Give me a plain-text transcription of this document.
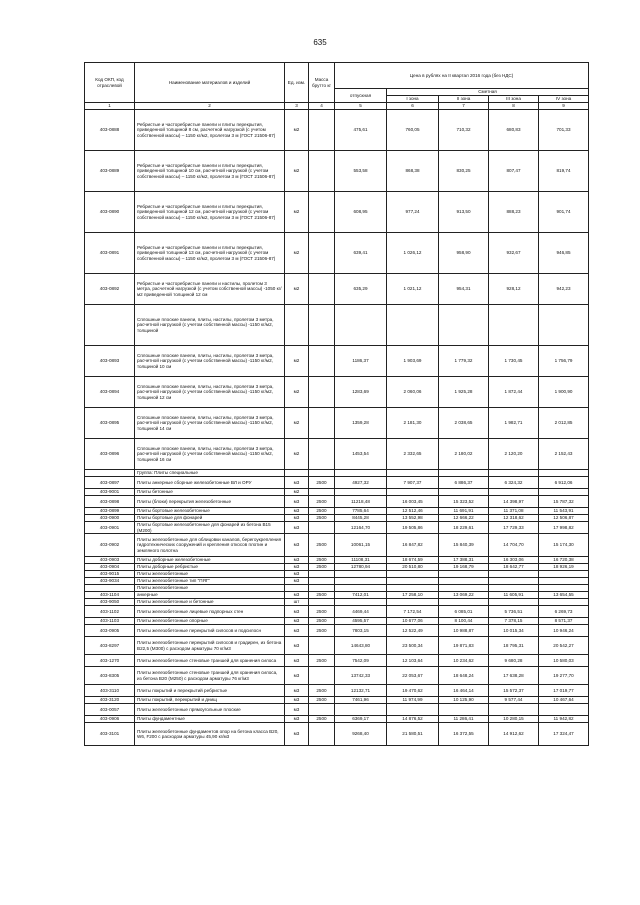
635
Код ОКП, код отраслевой	Наименование материалов и изделий	Ед. изм.	Масса брутто кг	Цена в рублях на II квартал 2016 года (без НДС)				
				отпускная	Сметная			
					I зона	II зона	III зона	IV зона
1	2	3	4	5	6	7	8	9
403-0888	Ребристые и часторебристые панели и плиты перекрытия, приведенной толщиной 8 см, расчетной нагрузкой (с учетом собственной массы) – 1150 кг/м2, пролетом 3 м (ГОСТ 21506-87)	м2		475,61	760,05	710,32	680,83	701,33
403-0889	Ребристые и часторебристые панели и плиты перекрытия, приведенной толщиной 10 см, расчетной нагрузкой (с учетом собственной массы) – 1150 кг/м2, пролетом 3 м (ГОСТ 21506-87)	м2		553,58	868,38	830,25	807,47	819,74
403-0890	Ребристые и часторебристые панели и плиты перекрытия, приведенной толщиной 12 см, расчетной нагрузкой (с учетом собственной массы) – 1150 кг/м2, пролетом 3 м (ГОСТ 21506-87)	м2		608,95	977,24	913,50	888,23	901,74
403-0891	Ребристые и часторебристые панели и плиты перекрытия, приведенной толщиной 13 см, расчетной нагрузкой (с учетом собственной массы) – 1150 кг/м2, пролетом 3 м (ГОСТ 21506-87)	м2		639,41	1 026,12	958,90	932,67	946,85
403-0892	Ребристые и часторебристые панели и настилы, пролетом 3 метра, расчетной нагрузкой (с учетом собственной массы) -1050 кг/м2 приведенной толщиной 12 см	м2		635,29	1 021,12	954,31	928,12	942,23
	Сплошные плоские панели, плиты, настилы, пролетом 3 метра, расчетной нагрузкой (с учетом собственной массы) -1150 кг/м2, толщиной							
403-0893	Сплошные плоские панели, плиты, настилы, пролетом 3 метра, расчетной нагрузкой (с учетом собственной массы) -1150 кг/м2, толщиной 10 см	м2		1186,37	1 903,69	1 779,32	1 730,45	1 756,79
403-0894	Сплошные плоские панели, плиты, настилы, пролетом 3 метра, расчетной нагрузкой (с учетом собственной массы) -1150 кг/м2, толщиной 12 см	м2		1283,69	2 060,06	1 925,28	1 872,44	1 900,90
403-0895	Сплошные плоские панели, плиты, настилы, пролетом 3 метра, расчетной нагрузкой (с учетом собственной массы) -1150 кг/м2, толщиной 14 см	м2		1359,28	2 181,30	2 038,65	1 982,71	2 012,85
403-0896	Сплошные плоские панели, плиты, настилы, пролетом 3 метра, расчетной нагрузкой (с учетом собственной массы) -1150 кг/м2, толщиной 16 см	м2		1453,54	2 332,65	2 180,02	2 120,20	2 152,43
	Группа: Плиты специальные							
403-0897	Плиты анкерные сборные железобетонные ВЛ и ОРУ	м3	2500	4927,32	7 907,37	6 886,37	6 324,32	6 912,06
403-9001	Плиты бетонные	м2						
403-0898	Плиты (блоки) перекрытия железобетонные	м3	2500	11218,48	16 003,45	15 323,52	14 398,97	15 787,32
403-0899	Плиты бортовые железобетонные	м3	2500	7785,64	12 512,46	11 691,91	11 371,08	11 543,91
403-0900	Плиты бортовые для фонарей	м3	2500	8445,28	13 552,98	12 666,22	12 318,62	12 506,87
403-0901	Плиты бортовые железобетонные для фонарей из бетона В15 (М200)	м3		12164,70	19 505,86	18 229,61	17 729,33	17 998,82
403-0902	Плиты железобетонные для облицовки каналов, берегоукрепления гидротехнических сооружений и крепления откосов плотин и земляного полотна	м3	2500	10061,15	16 847,82	15 840,39	14 704,70	15 174,30
403-0903	Плиты доборные железобетонные	м3	2500	11108,31	18 674,59	17 388,31	16 303,06	16 720,38
403-0904	Плиты доборные ребристые	м3	2500	12780,94	20 510,80	19 168,79	18 642,77	18 926,19
403-9015	Плиты железобетонные	м3						
403-9034	Плиты железобетонные тип "ПЯГ"	м3						
	Плиты железобетонные							
403-1104	анкерные	м3	2500	7412,01	17 258,10	13 069,22	11 605,91	13 654,55
403-9050	Плиты железобетонные и бетонные	шт						
403-1102	Плиты железобетонные лицевые подпорных стен	м3	2500	4469,44	7 172,54	6 085,01	5 736,51	6 269,73
403-1103	Плиты железобетонные опорные	м3	2500	4595,57	10 677,06	8 100,44	7 378,15	8 571,37
403-0905	Плиты железобетонные перекрытий силосов и подсилосн	м3	2500	7803,15	12 522,49	10 988,87	10 015,34	10 946,24
403-8297	Плиты железобетонные перекрытий силосов и градирен, из бетона В22,5 (М300) с расходом арматуры 70 кг/м3	м3		14643,80	23 500,34	19 871,83	18 795,31	20 542,27
403-1270	Плиты железобетонные стеновые траншей для хранения силоса	м3	2500	7542,09	12 103,64	10 234,62	9 680,28	10 580,03
403-8305	Плиты железобетонные стеновые траншей для хранения силоса, из бетона В20 (М250) с расходом арматуры 76 кг/м3	м3		13742,33	22 053,67	18 648,24	17 638,28	19 277,70
403-3110	Плиты покрытий и перекрытий ребристые	м3	2500	12132,71	19 470,62	16 464,14	15 572,37	17 019,77
403-3120	Плиты покрытий, перекрытий и днищ	м3	2500	7461,96	11 974,99	10 125,90	9 577,44	10 467,64
403-0057	Плиты железобетонные прямоугольные плоские	м3						
403-0906	Плиты фундаментные	м3	2500	6369,17	14 876,52	11 286,41	10 280,15	11 942,82
403-3101	Плиты железобетонные фундаментов опор на бетона класса В20, W6, F200 с расходом арматуры 45,90 кг/м3	м3		9268,40	21 580,51	16 372,55	14 912,62	17 324,47
